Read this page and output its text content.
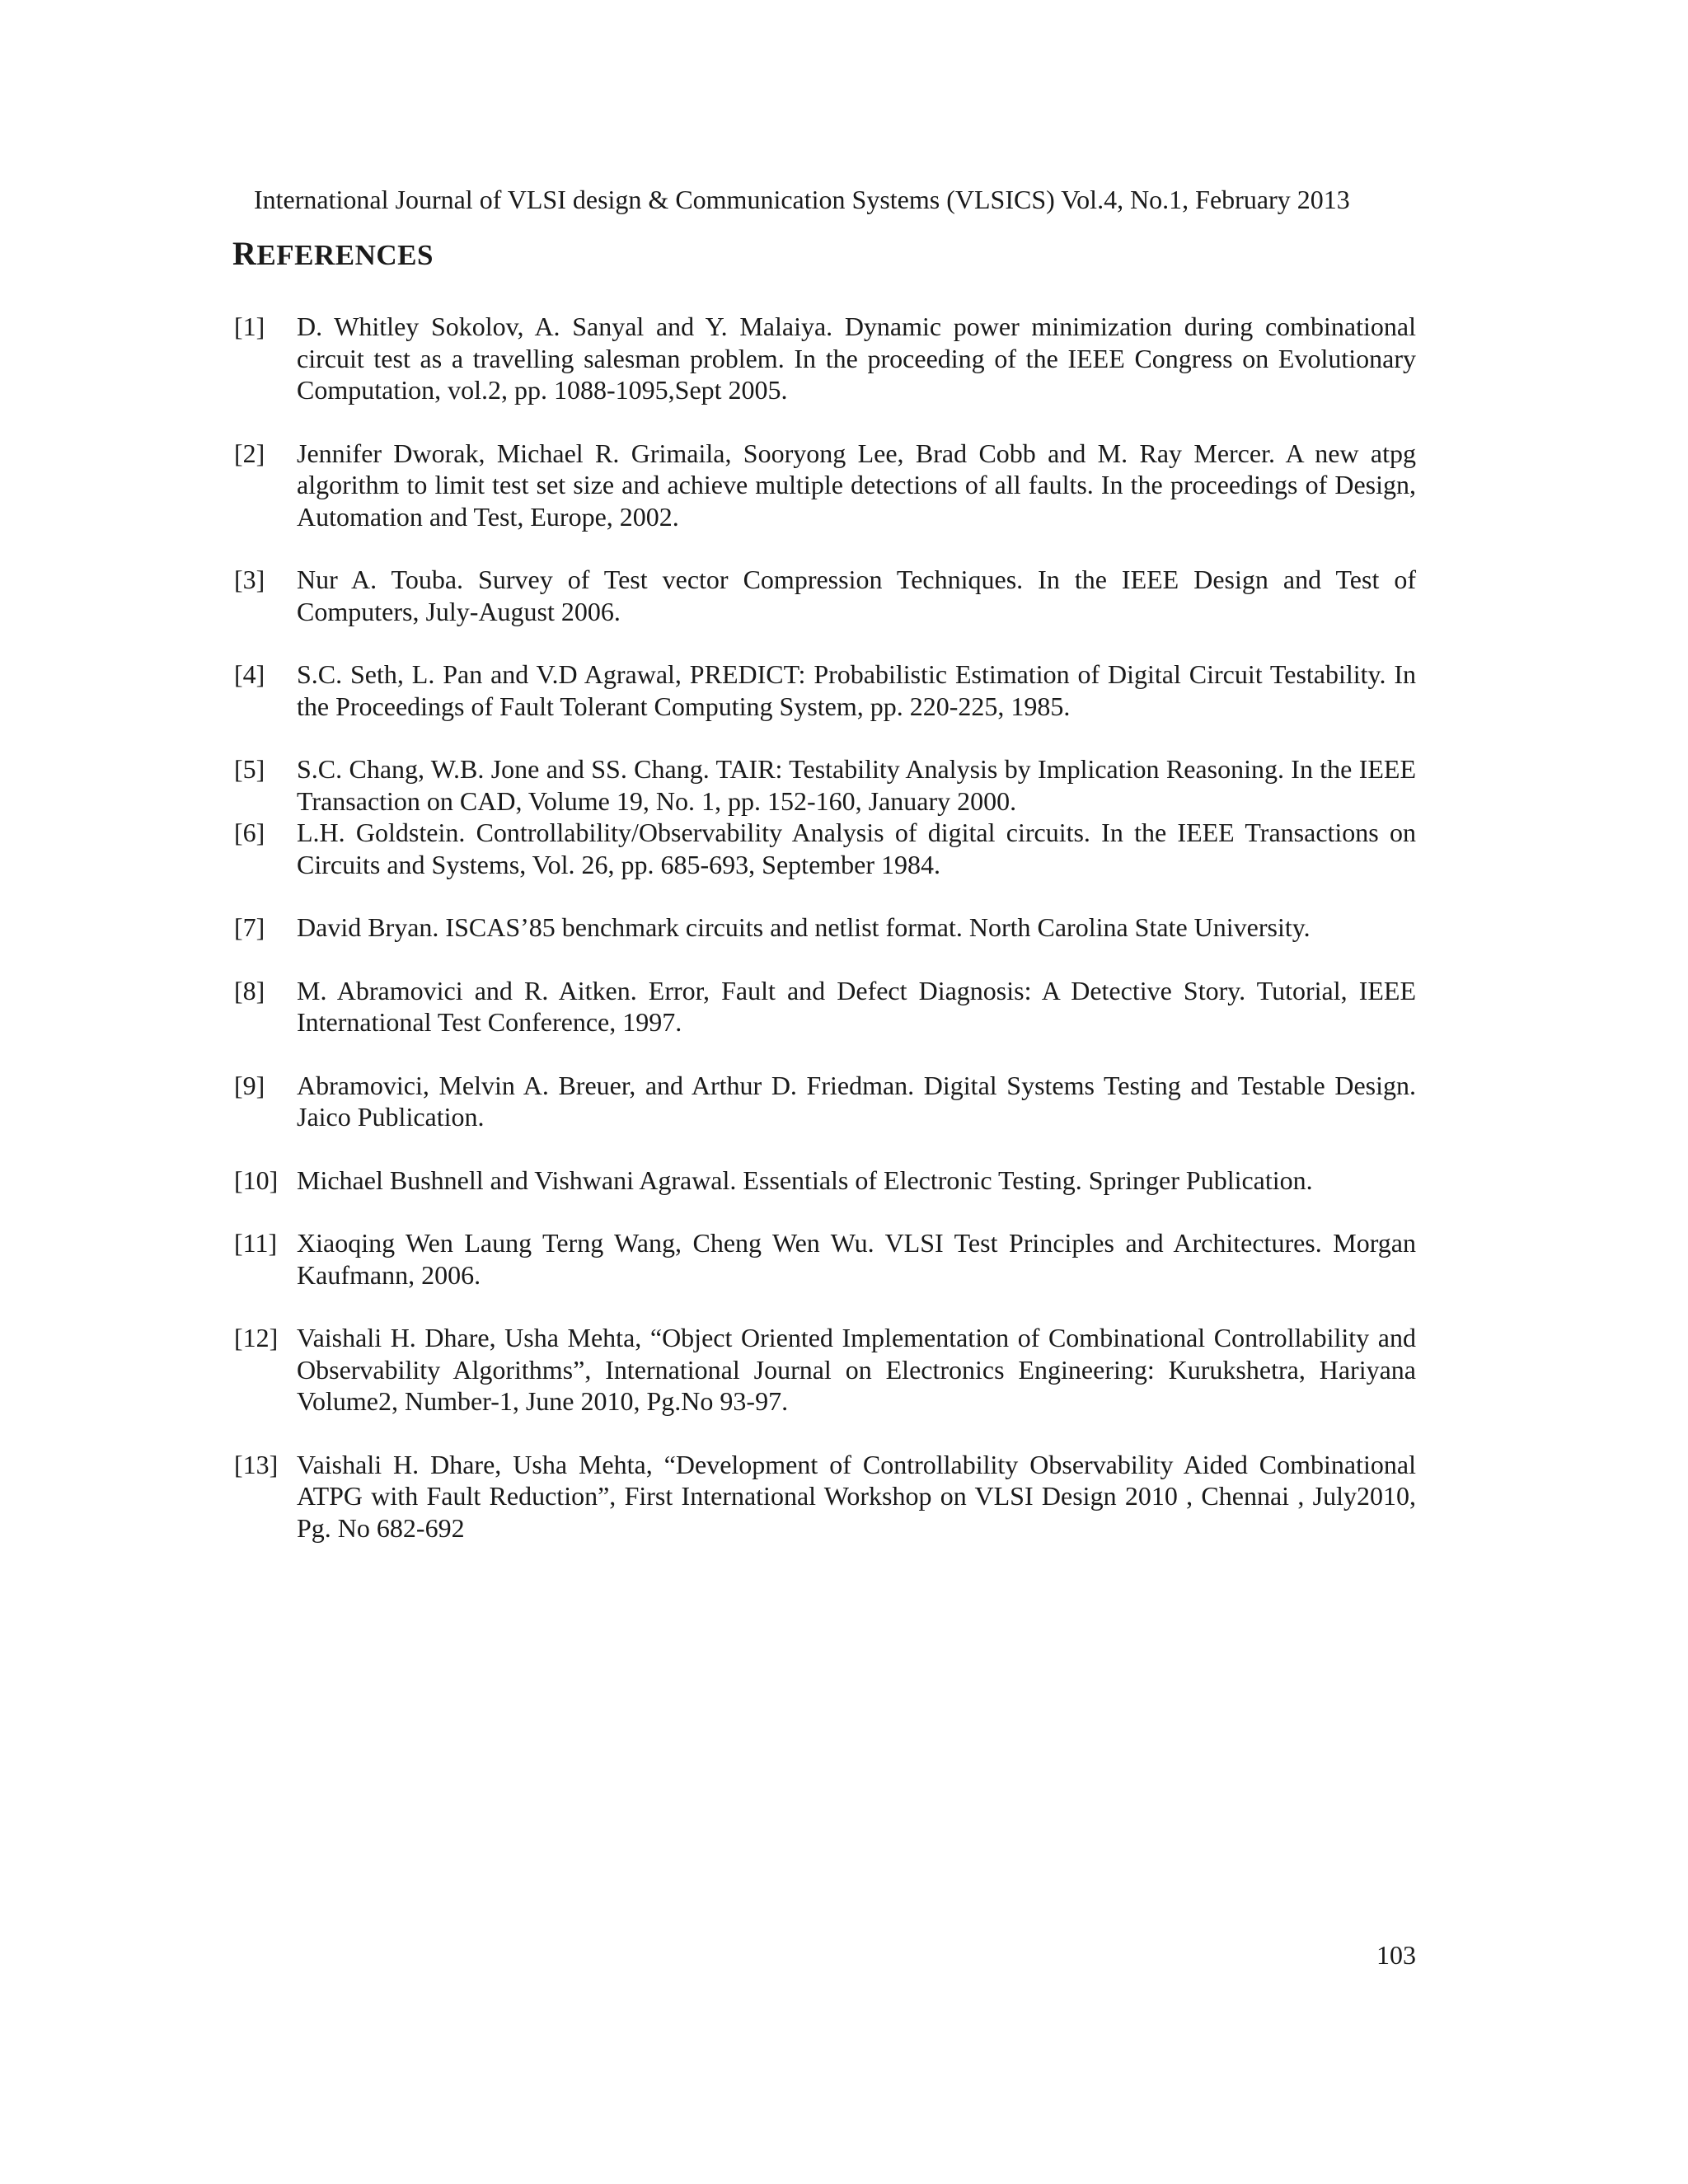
International Journal of VLSI design & Communication Systems (VLSICS) Vol.4, No.1, February 2013
REFERENCES
[1]	D. Whitley Sokolov, A. Sanyal and Y. Malaiya. Dynamic power minimization during combinational circuit test as a travelling salesman problem. In the proceeding of the IEEE Congress on Evolutionary Computation, vol.2, pp. 1088-1095,Sept 2005.
[2]	Jennifer Dworak, Michael R. Grimaila, Sooryong Lee, Brad Cobb and M. Ray Mercer. A new atpg algorithm to limit test set size and achieve multiple detections of all faults. In the proceedings of Design, Automation and Test, Europe, 2002.
[3]	Nur A. Touba. Survey of Test vector Compression Techniques. In the IEEE Design and Test of Computers, July-August 2006.
[4]	S.C. Seth, L. Pan and V.D Agrawal, PREDICT: Probabilistic Estimation of Digital Circuit Testability. In the Proceedings of Fault Tolerant Computing System, pp. 220-225, 1985.
[5]	S.C. Chang, W.B. Jone and SS. Chang. TAIR: Testability Analysis by Implication Reasoning. In the IEEE Transaction on CAD, Volume 19, No. 1, pp. 152-160, January 2000.
[6]	L.H. Goldstein. Controllability/Observability Analysis of digital circuits. In the IEEE Transactions on Circuits and Systems, Vol. 26, pp. 685-693, September 1984.
[7]	David Bryan. ISCAS’85 benchmark circuits and netlist format. North Carolina State University.
[8]	M. Abramovici and R. Aitken. Error, Fault and Defect Diagnosis: A Detective Story. Tutorial, IEEE International Test Conference, 1997.
[9]	Abramovici, Melvin A. Breuer, and Arthur D. Friedman. Digital Systems Testing and Testable Design. Jaico Publication.
[10] Michael Bushnell and Vishwani Agrawal. Essentials of Electronic Testing. Springer Publication.
[11] Xiaoqing Wen Laung Terng Wang, Cheng Wen Wu. VLSI Test Principles and Architectures. Morgan Kaufmann, 2006.
[12] Vaishali H. Dhare, Usha Mehta, “Object Oriented Implementation of Combinational Controllability and Observability Algorithms”, International Journal on Electronics Engineering: Kurukshetra, Hariyana Volume2, Number-1, June 2010, Pg.No 93-97.
[13] Vaishali H. Dhare, Usha Mehta, “Development of Controllability Observability Aided Combinational ATPG with Fault Reduction”, First International Workshop on VLSI Design 2010 , Chennai , July2010, Pg. No 682-692
103
